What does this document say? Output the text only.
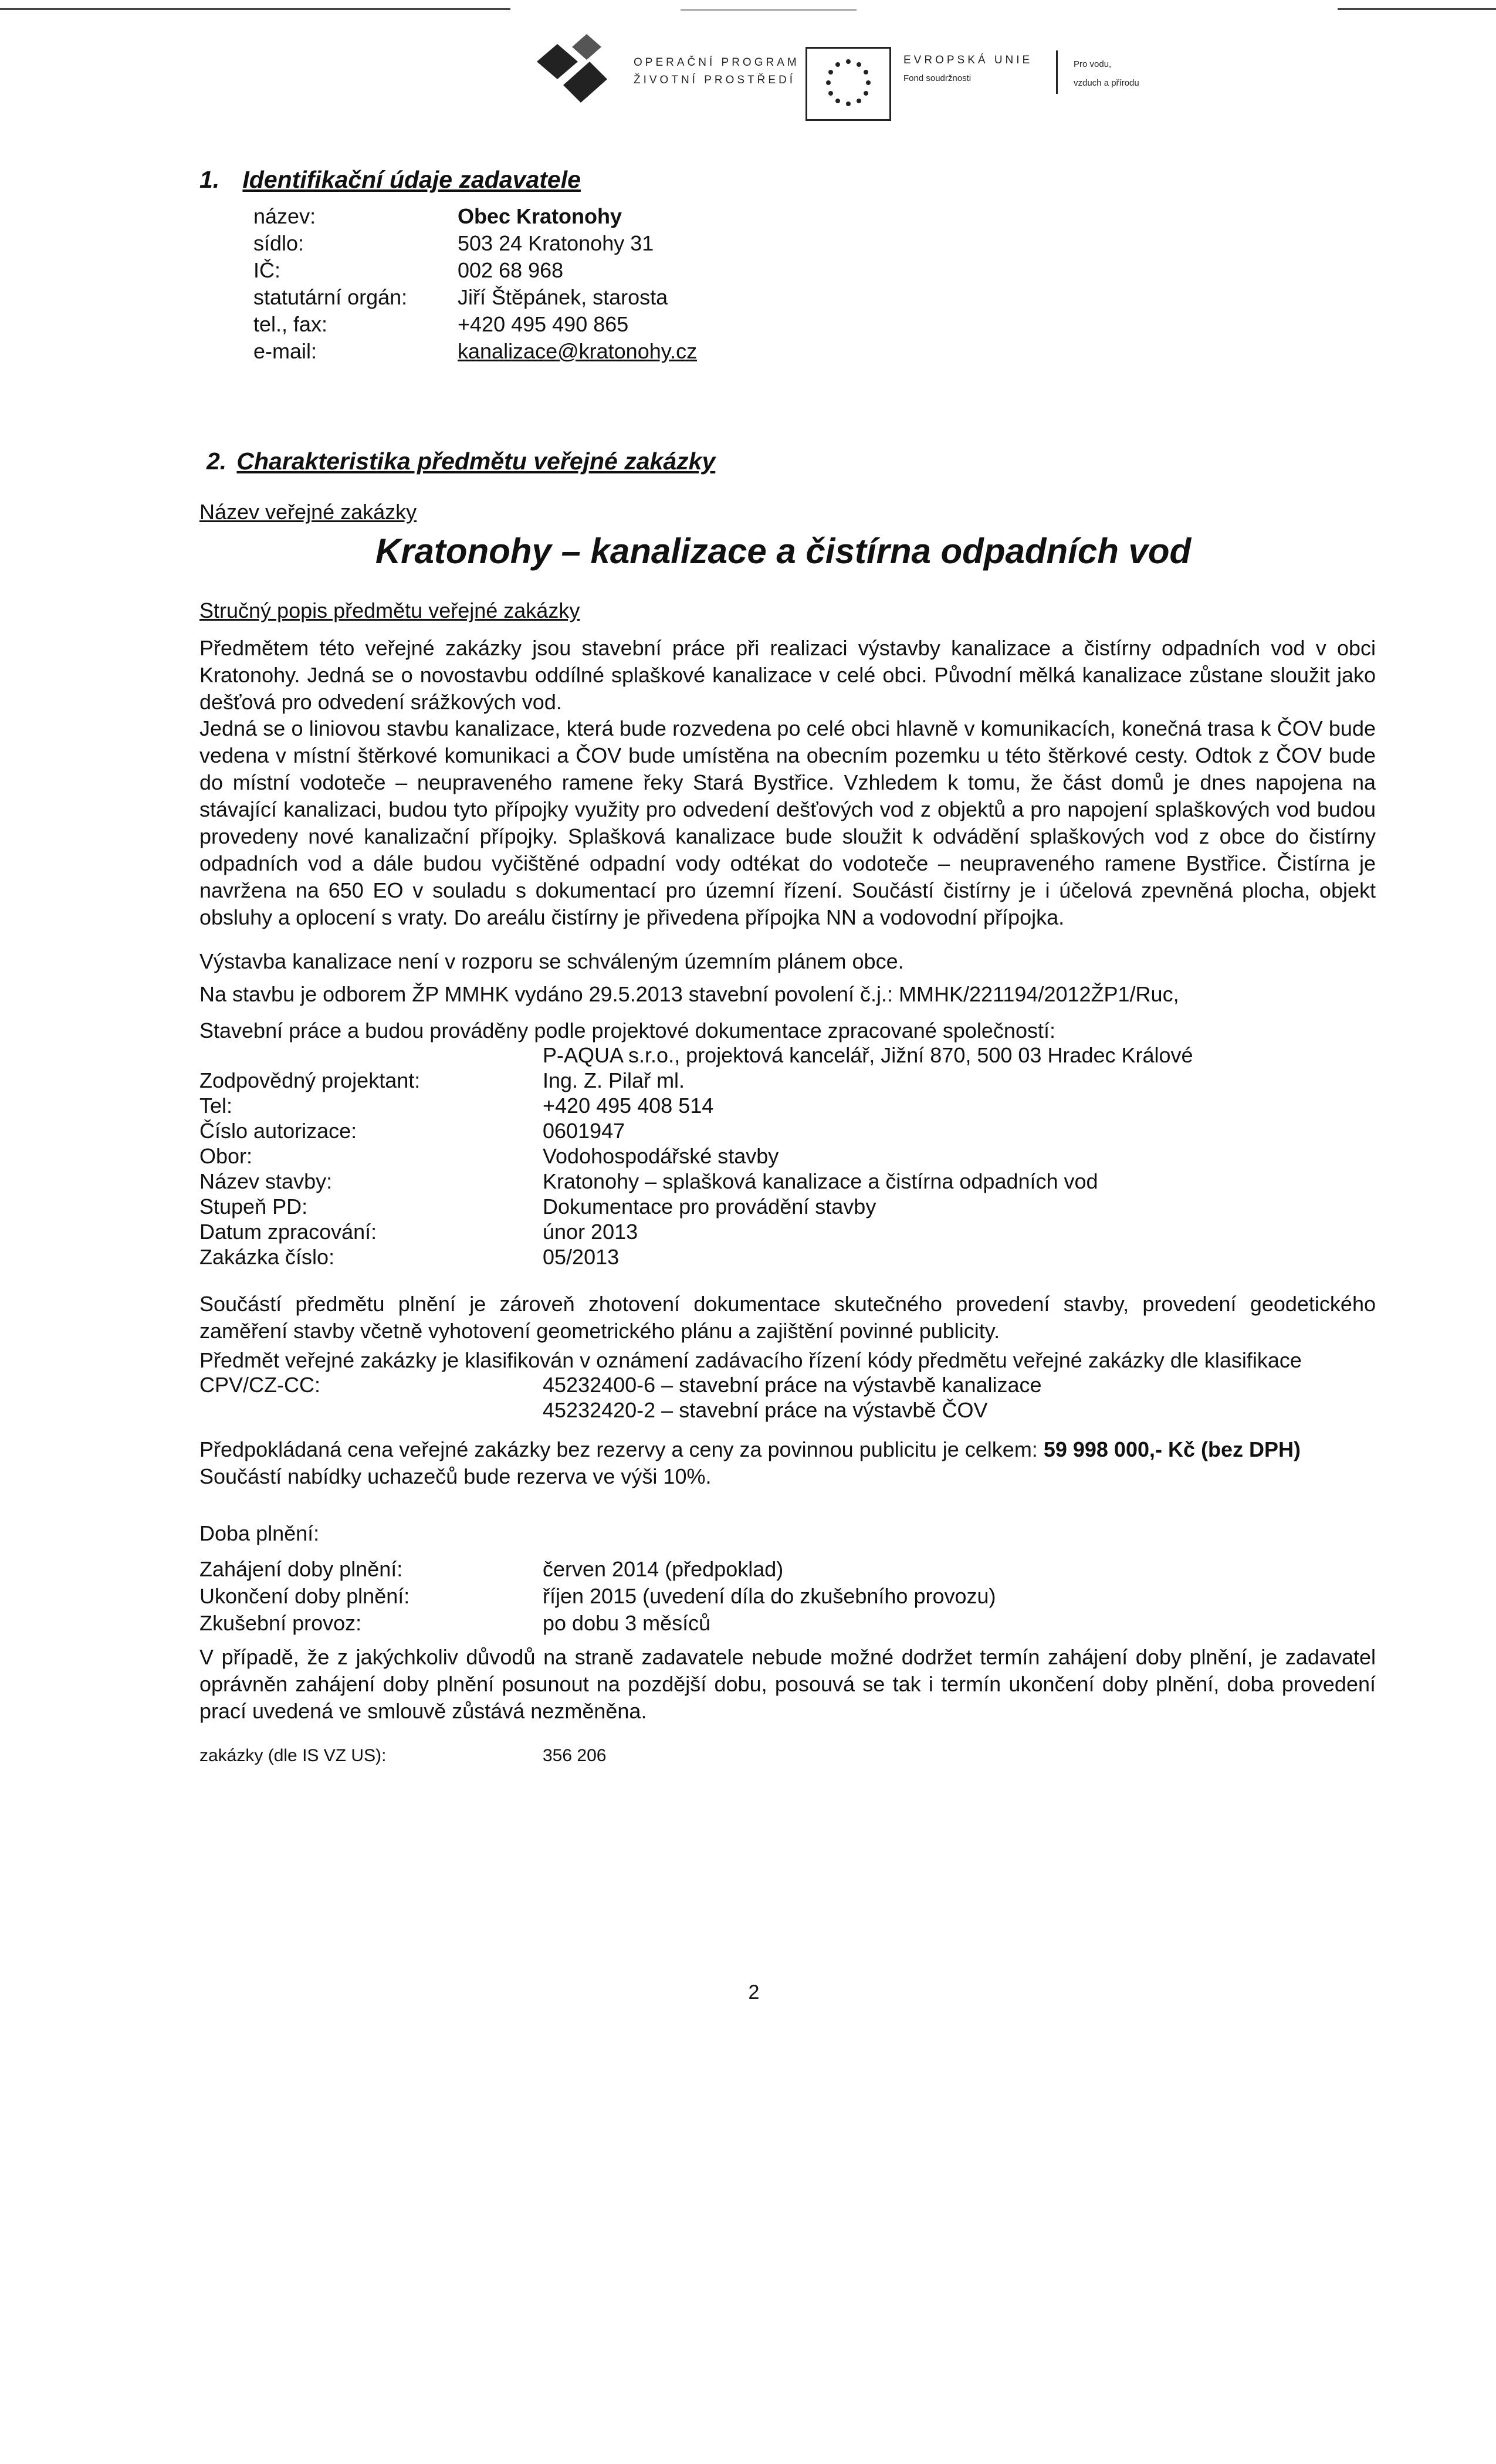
OPERAČNÍ PROGRAM
ŽIVOTNÍ PROSTŘEDÍ
EVROPSKÁ UNIE
Fond soudržnosti
Pro vodu,
vzduch a přírodu
1. Identifikační údaje zadavatele
název:	Obec Kratonohy
sídlo:	503 24 Kratonohy 31
IČ:	002 68 968
statutární orgán: Jiří Štěpánek, starosta
tel., fax:	+420 495 490 865
e-mail:	kanalizace@kratonohy.cz
2. Charakteristika předmětu veřejné zakázky
Název veřejné zakázky
Kratonohy – kanalizace a čistírna odpadních vod
Stručný popis předmětu veřejné zakázky

Předmětem této veřejné zakázky jsou stavební práce při realizaci výstavby kanalizace a čistírny odpadních vod v obci Kratonohy. Jedná se o novostavbu oddílné splaškové kanalizace v celé obci. Původní mělká kanalizace zůstane sloužit jako dešťová pro odvedení srážkových vod.

Jedná se o liniovou stavbu kanalizace, která bude rozvedena po celé obci hlavně v komunikacích, konečná trasa k ČOV bude vedena v místní štěrkové komunikaci a ČOV bude umístěna na obecním pozemku u této štěrkové cesty. Odtok z ČOV bude do místní vodoteče – neupraveného ramene řeky Stará Bystřice. Vzhledem k tomu, že část domů je dnes napojena na stávající kanalizaci, budou tyto přípojky využity pro odvedení dešťových vod z objektů a pro napojení splaškových vod budou provedeny nové kanalizační přípojky. Splašková kanalizace bude sloužit k odvádění splaškových vod z obce do čistírny odpadních vod a dále budou vyčištěné odpadní vody odtékat do vodoteče – neupraveného ramene Bystřice. Čistírna je navržena na 650 EO v souladu s dokumentací pro územní řízení. Součástí čistírny je i účelová zpevněná plocha, objekt obsluhy a oplocení s vraty. Do areálu čistírny je přivedena přípojka NN a vodovodní přípojka.

Výstavba kanalizace není v rozporu se schváleným územním plánem obce.

Na stavbu je odborem ŽP MMHK vydáno 29.5.2013 stavební povolení č.j.: MMHK/221194/2012ŽP1/Ruc,

Stavební práce a budou prováděny podle projektové dokumentace zpracované společností:

P-AQUA s.r.o., projektová kancelář, Jižní 870, 500 03 Hradec Králové
Zodpovědný projektant:	Ing. Z. Pilař ml.
Tel:	+420 495 408 514
Číslo autorizace:	0601947
Obor:	Vodohospodářské stavby
Název stavby:	Kratonohy – splašková kanalizace a čistírna odpadních vod
Stupeň PD:	Dokumentace pro provádění stavby
Datum zpracování:	únor 2013
Zakázka číslo:	05/2013

Součástí předmětu plnění je zároveň zhotovení dokumentace skutečného provedení stavby, provedení geodetického zaměření stavby včetně vyhotovení geometrického plánu a zajištění povinné publicity.

Předmět veřejné zakázky je klasifikován v oznámení zadávacího řízení kódy předmětu veřejné zakázky dle klasifikace

CPV/CZ-CC:	45232400-6 – stavební práce na výstavbě kanalizace
45232420-2 – stavební práce na výstavbě ČOV

Předpokládaná cena veřejné zakázky bez rezervy a ceny za povinnou publicitu je celkem: 59 998 000,- Kč (bez DPH)

Součástí nabídky uchazečů bude rezerva ve výši 10%.

Doba plnění:

Zahájení doby plnění:	červen 2014 (předpoklad)
Ukončení doby plnění:	říjen 2015 (uvedení díla do zkušebního provozu)
Zkušební provoz:	po dobu 3 měsíců

V případě, že z jakýchkoliv důvodů na straně zadavatele nebude možné dodržet termín zahájení doby plnění, je zadavatel oprávněn zahájení doby plnění posunout na pozdější dobu, posouvá se tak i termín ukončení doby plnění, doba provedení prací uvedená ve smlouvě zůstává nezměněna.

zakázky (dle IS VZ US):	356 206
2
